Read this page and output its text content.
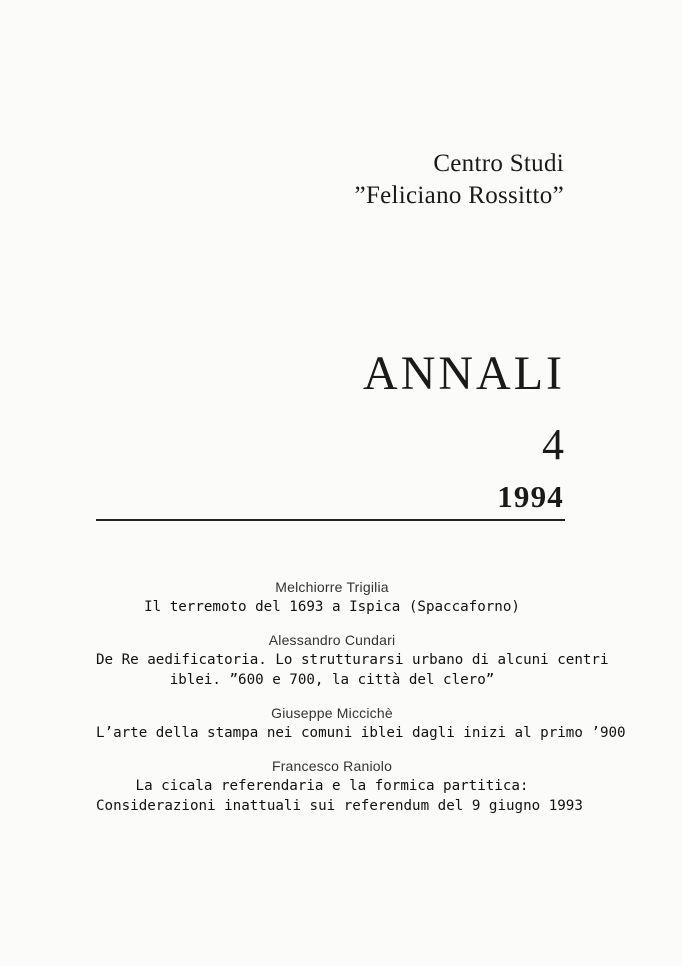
Centro Studi
”Feliciano Rossitto”
ANNALI
4
1994
Melchiorre Trigilia
Il terremoto del 1693 a Ispica (Spaccaforno)
Alessandro Cundari
De Re aedificatoria. Lo strutturarsi urbano di alcuni centri
iblei. ”600 e 700, la città del clero”
Giuseppe Miccichè
L’arte della stampa nei comuni iblei dagli inizi al primo ’900
Francesco Raniolo
La cicala referendaria e la formica partitica:
Considerazioni inattuali sui referendum del 9 giugno 1993
